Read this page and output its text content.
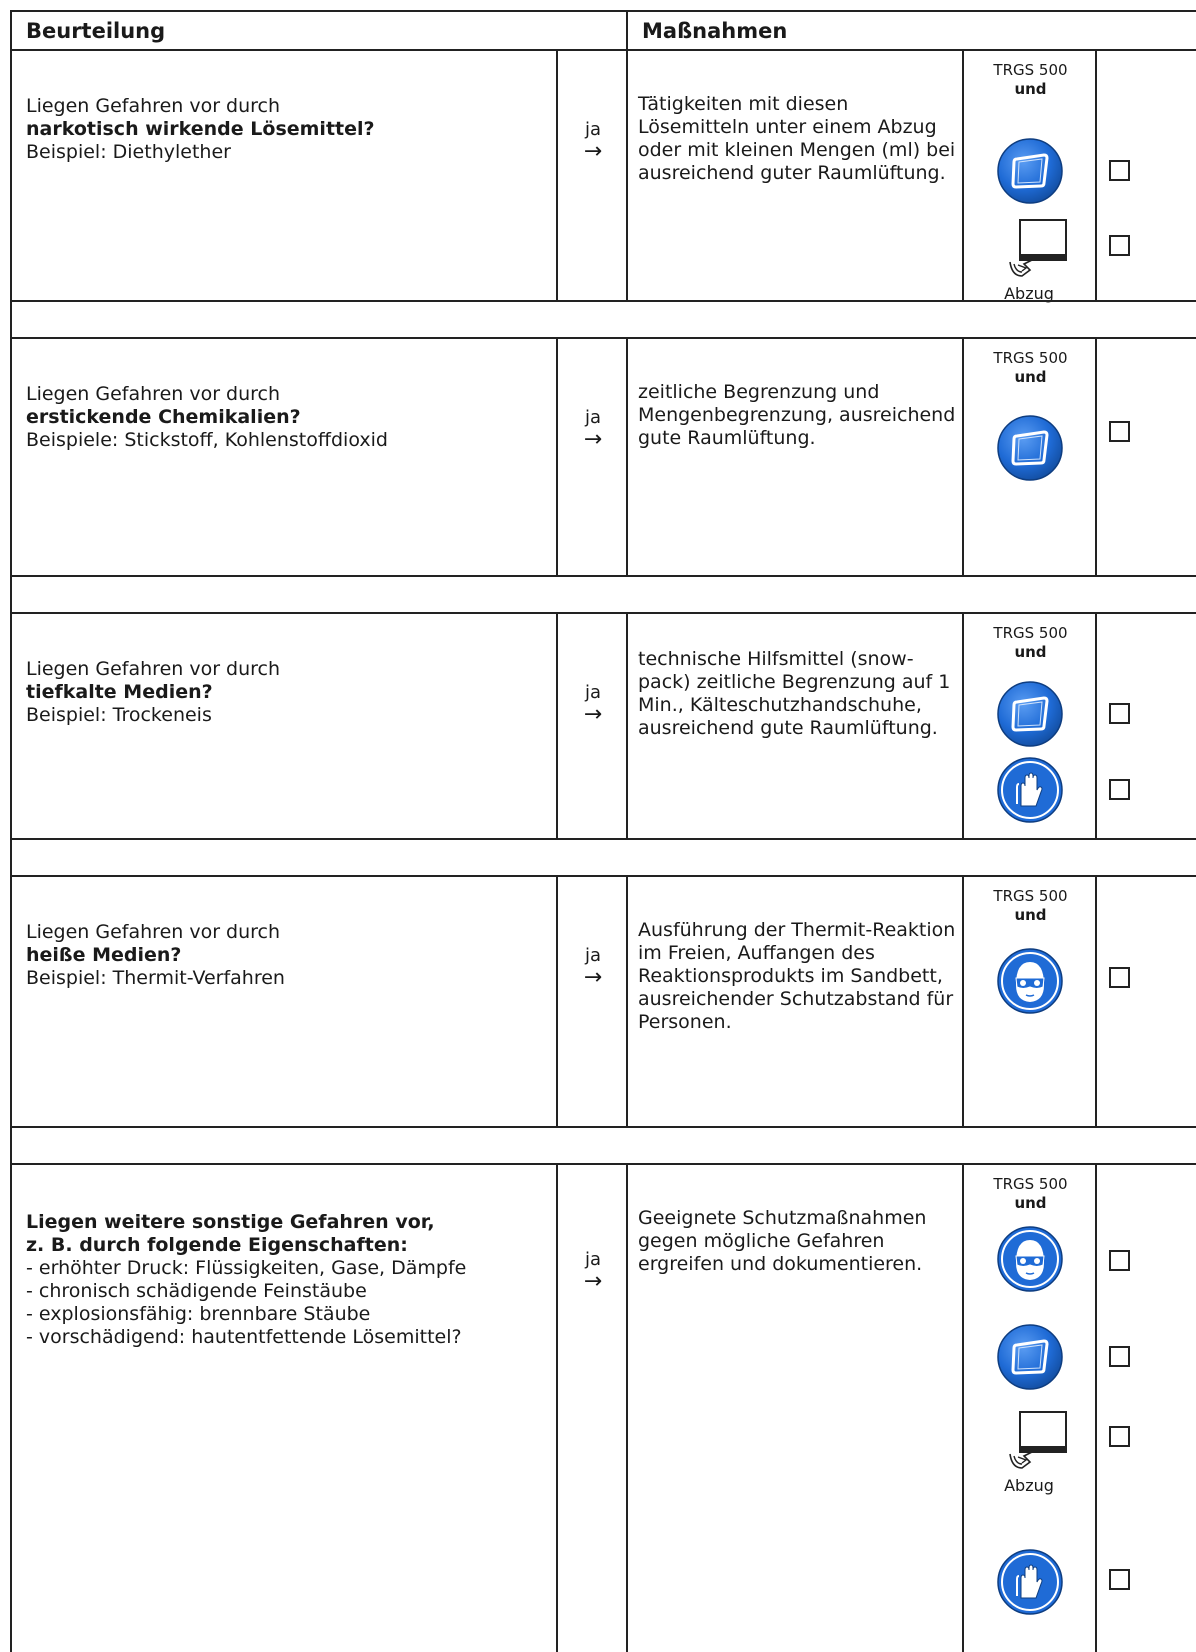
Beurteilung	Maßnahmen
Liegen Gefahren vor durch
narkotisch wirkende Lösemittel?
Beispiel: Diethylether
ja
→
Tätigkeiten mit diesen Lösemitteln unter einem Abzug oder mit kleinen Mengen (ml) bei ausreichend guter Raumlüftung.
TRGS 500
und
Abzug
Liegen Gefahren vor durch
erstickende Chemikalien?
Beispiele: Stickstoff, Kohlenstoffdioxid
ja
→
zeitliche Begrenzung und Mengenbegrenzung, ausreichend gute Raumlüftung.
TRGS 500
und
Liegen Gefahren vor durch
tiefkalte Medien?
Beispiel: Trockeneis
ja
→
technische Hilfsmittel (snow-pack) zeitliche Begrenzung auf 1 Min., Kälteschutzhandschuhe, ausreichend gute Raumlüftung.
TRGS 500
und
Liegen Gefahren vor durch
heiße Medien?
Beispiel: Thermit-Verfahren
ja
→
Ausführung der Thermit-Reaktion im Freien, Auffangen des Reaktionsprodukts im Sandbett, ausreichender Schutzabstand für Personen.
TRGS 500
und
Liegen weitere sonstige Gefahren vor,
z. B. durch folgende Eigenschaften:
- erhöhter Druck: Flüssigkeiten, Gase, Dämpfe
- chronisch schädigende Feinstäube
- explosionsfähig: brennbare Stäube
- vorschädigend: hautentfettende Lösemittel?
ja
→
Geeignete Schutzmaßnahmen gegen mögliche Gefahren ergreifen und dokumentieren.
TRGS 500
und
Abzug
